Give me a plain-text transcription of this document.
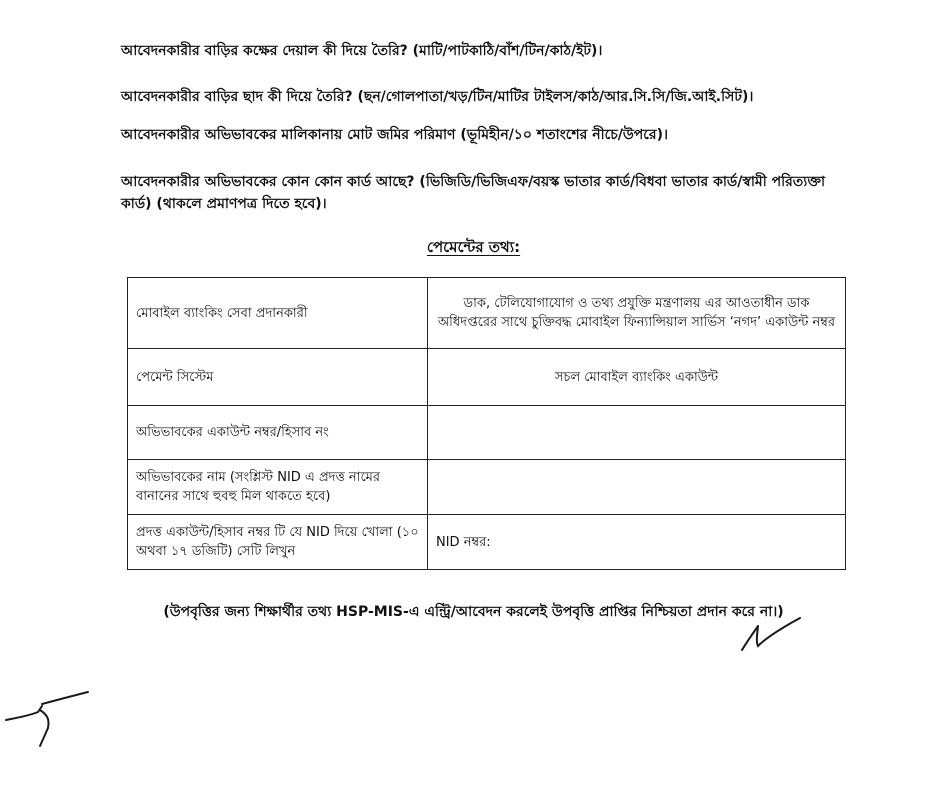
আবেদনকারীর বাড়ির কক্ষের দেয়াল কী দিয়ে তৈরি? (মাটি/পাটকাঠি/বাঁশ/টিন/কাঠ/ইট)।

আবেদনকারীর বাড়ির ছাদ কী দিয়ে তৈরি? (ছন/গোলপাতা/খড়/টিন/মাটির টাইলস/কাঠ/আর.সি.সি/জি.আই.সিট)।

আবেদনকারীর অভিভাবকের মালিকানায় মোট জমির পরিমাণ (ভূমিহীন/১০ শতাংশের নীচে/উপরে)।

আবেদনকারীর অভিভাবকের কোন কোন কার্ড আছে? (ভিজিডি/ভিজিএফ/বয়স্ক ভাতার কার্ড/বিধবা ভাতার কার্ড/স্বামী পরিত্যক্তা কার্ড) (থাকলে প্রমাণপত্র দিতে হবে)।

পেমেন্টের তথ্য:
মোবাইল ব্যাংকিং সেবা প্রদানকারী	ডাক, টেলিযোগাযোগ ও তথ্য প্রযুক্তি মন্ত্রণালয় এর আওতাধীন ডাক অধিদপ্তরের সাথে চুক্তিবদ্ধ মোবাইল ফিন্যান্সিয়াল সার্ভিস ‘নগদ’ একাউন্ট নম্বর
পেমেন্ট সিস্টেম	সচল মোবাইল ব্যাংকিং একাউন্ট
অভিভাবকের একাউন্ট নম্বর/হিসাব নং	
অভিভাবকের নাম (সংশ্লিস্ট NID এ প্রদত্ত নামের বানানের সাথে হুবহু মিল থাকতে হবে)	
প্রদত্ত একাউন্ট/হিসাব নম্বর টি যে NID দিয়ে খোলা (১০ অথবা ১৭ ডজিটি) সেটি লিখুন	NID নম্বর:
(উপবৃত্তির জন্য শিক্ষার্থীর তথ্য HSP-MIS-এ এন্ট্রি/আবেদন করলেই উপবৃত্তি প্রাপ্তির নিশ্চিয়তা প্রদান করে না।)
